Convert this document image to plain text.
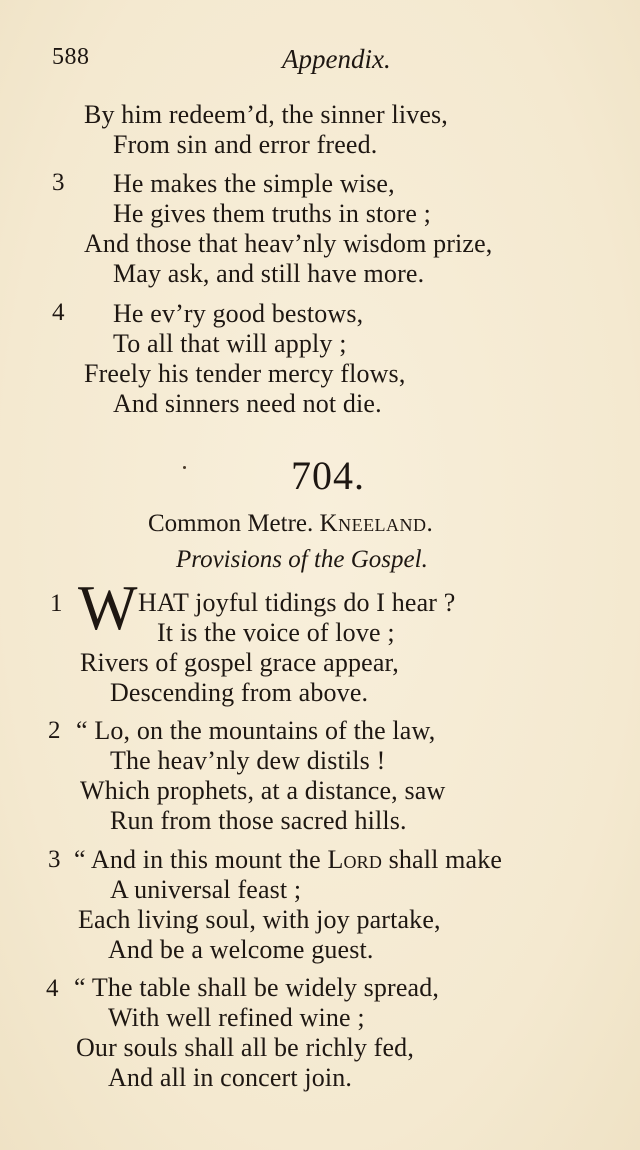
588	Appendix.
By him redeem’d, the sinner lives,
From sin and error freed.
3 He makes the simple wise,
He gives them truths in store ;
And those that heav’nly wisdom prize,
May ask, and still have more.
4 He ev’ry good bestows,
To all that will apply ;
Freely his tender mercy flows,
And sinners need not die.
704.
Common Metre. Kneeland.
Provisions of the Gospel.
1 W HAT joyful tidings do I hear ?
It is the voice of love ;
Rivers of gospel grace appear,
Descending from above.
2 “ Lo, on the mountains of the law,
The heav’nly dew distils !
Which prophets, at a distance, saw
Run from those sacred hills.
3 “ And in this mount the Lord shall make
A universal feast ;
Each living soul, with joy partake,
And be a welcome guest.
4 “ The table shall be widely spread,
With well refined wine ;
Our souls shall all be richly fed,
And all in concert join.
